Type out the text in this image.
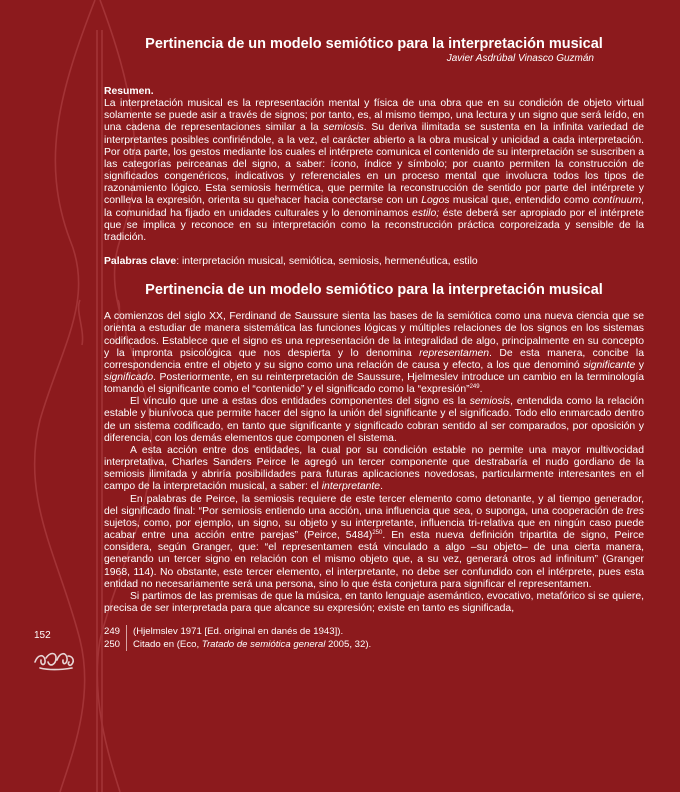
Pertinencia de un modelo semiótico para la interpretación musical
Javier Asdrúbal Vinasco Guzmán
Resumen.

La interpretación musical es la representación mental y física de una obra que en su condición de objeto virtual solamente se puede asir a través de signos; por tanto, es, al mismo tiempo, una lectura y un signo que será leído, en una cadena de representaciones similar a la semiosis. Su deriva ilimitada se sustenta en la infinita variedad de interpretantes posibles confiriéndole, a la vez, el carácter abierto a la obra musical y unicidad a cada interpretación. Por otra parte, los gestos mediante los cuales el intérprete comunica el contenido de su interpretación se suscriben a las categorías peirceanas del signo, a saber: ícono, índice y símbolo; por cuanto permiten la construcción de significados congenéricos, indicativos y referenciales en un proceso mental que involucra todos los tipos de razonamiento lógico. Esta semiosis hermética, que permite la reconstrucción de sentido por parte del intérprete y conlleva la expresión, orienta su quehacer hacia conectarse con un Logos musical que, entendido como contínuum, la comunidad ha fijado en unidades culturales y lo denominamos estilo; éste deberá ser apropiado por el intérprete que se implica y reconoce en su interpretación como la reconstrucción práctica corporeizada y sensible de la tradición.

Palabras clave: interpretación musical, semiótica, semiosis, hermenéutica, estilo

Pertinencia de un modelo semiótico para la interpretación musical

A comienzos del siglo XX, Ferdinand de Saussure sienta las bases de la semiótica como una nueva ciencia que se orienta a estudiar de manera sistemática las funciones lógicas y múltiples relaciones de los signos en los sistemas codificados. Establece que el signo es una representación de la integralidad de algo, principalmente en su concepto y la impronta psicológica que nos despierta y lo denomina representamen. De esta manera, concibe la correspondencia entre el objeto y su signo como una relación de causa y efecto, a los que denominó significante y significado. Posteriormente, en su reinterpretación de Saussure, Hjelmeslev introduce un cambio en la terminología tomando el significante como el “contenido” y el significado como la “expresión”$^{249}$.

El vínculo que une a estas dos entidades componentes del signo es la semiosis, entendida como la relación estable y biunívoca que permite hacer del signo la unión del significante y el significado. Todo ello enmarcado dentro de un sistema codificado, en tanto que significante y significado cobran sentido al ser comparados, por oposición y diferencia, con los demás elementos que componen el sistema.

A esta acción entre dos entidades, la cual por su condición estable no permite una mayor multivocidad interpretativa, Charles Sanders Peirce le agregó un tercer componente que destrabaría el nudo gordiano de la semiosis ilimitada y abriría posibilidades para futuras aplicaciones novedosas, particularmente interesantes en el campo de la interpretación musical, a saber: el interpretante.

En palabras de Peirce, la semiosis requiere de este tercer elemento como detonante, y al tiempo generador, del significado final: “Por semiosis entiendo una acción, una influencia que sea, o suponga, una cooperación de tres sujetos, como, por ejemplo, un signo, su objeto y su interpretante, influencia tri-relativa que en ningún caso puede acabar entre una acción entre parejas” (Peirce, 5484)$^{250}$. En esta nueva definición tripartita de signo, Peirce considera, según Granger, que: “el representamen está vinculado a algo –su objeto– de una cierta manera, generando un tercer signo en relación con el mismo objeto que, a su vez, generará otros ad infinitum” (Granger 1968, 114). No obstante, este tercer elemento, el interpretante, no debe ser confundido con el intérprete, pues esta entidad no necesariamente será una persona, sino lo que ésta conjetura para significar el representamen.

Si partimos de las premisas de que la música, en tanto lenguaje asemántico, evocativo, metafórico si se quiere, precisa de ser interpretada para que alcance su expresión; existe en tanto es significada,

249	(Hjelmslev 1971 [Ed. original en danés de 1943]).
250	Citado en (Eco, Tratado de semiótica general 2005, 32).
152
